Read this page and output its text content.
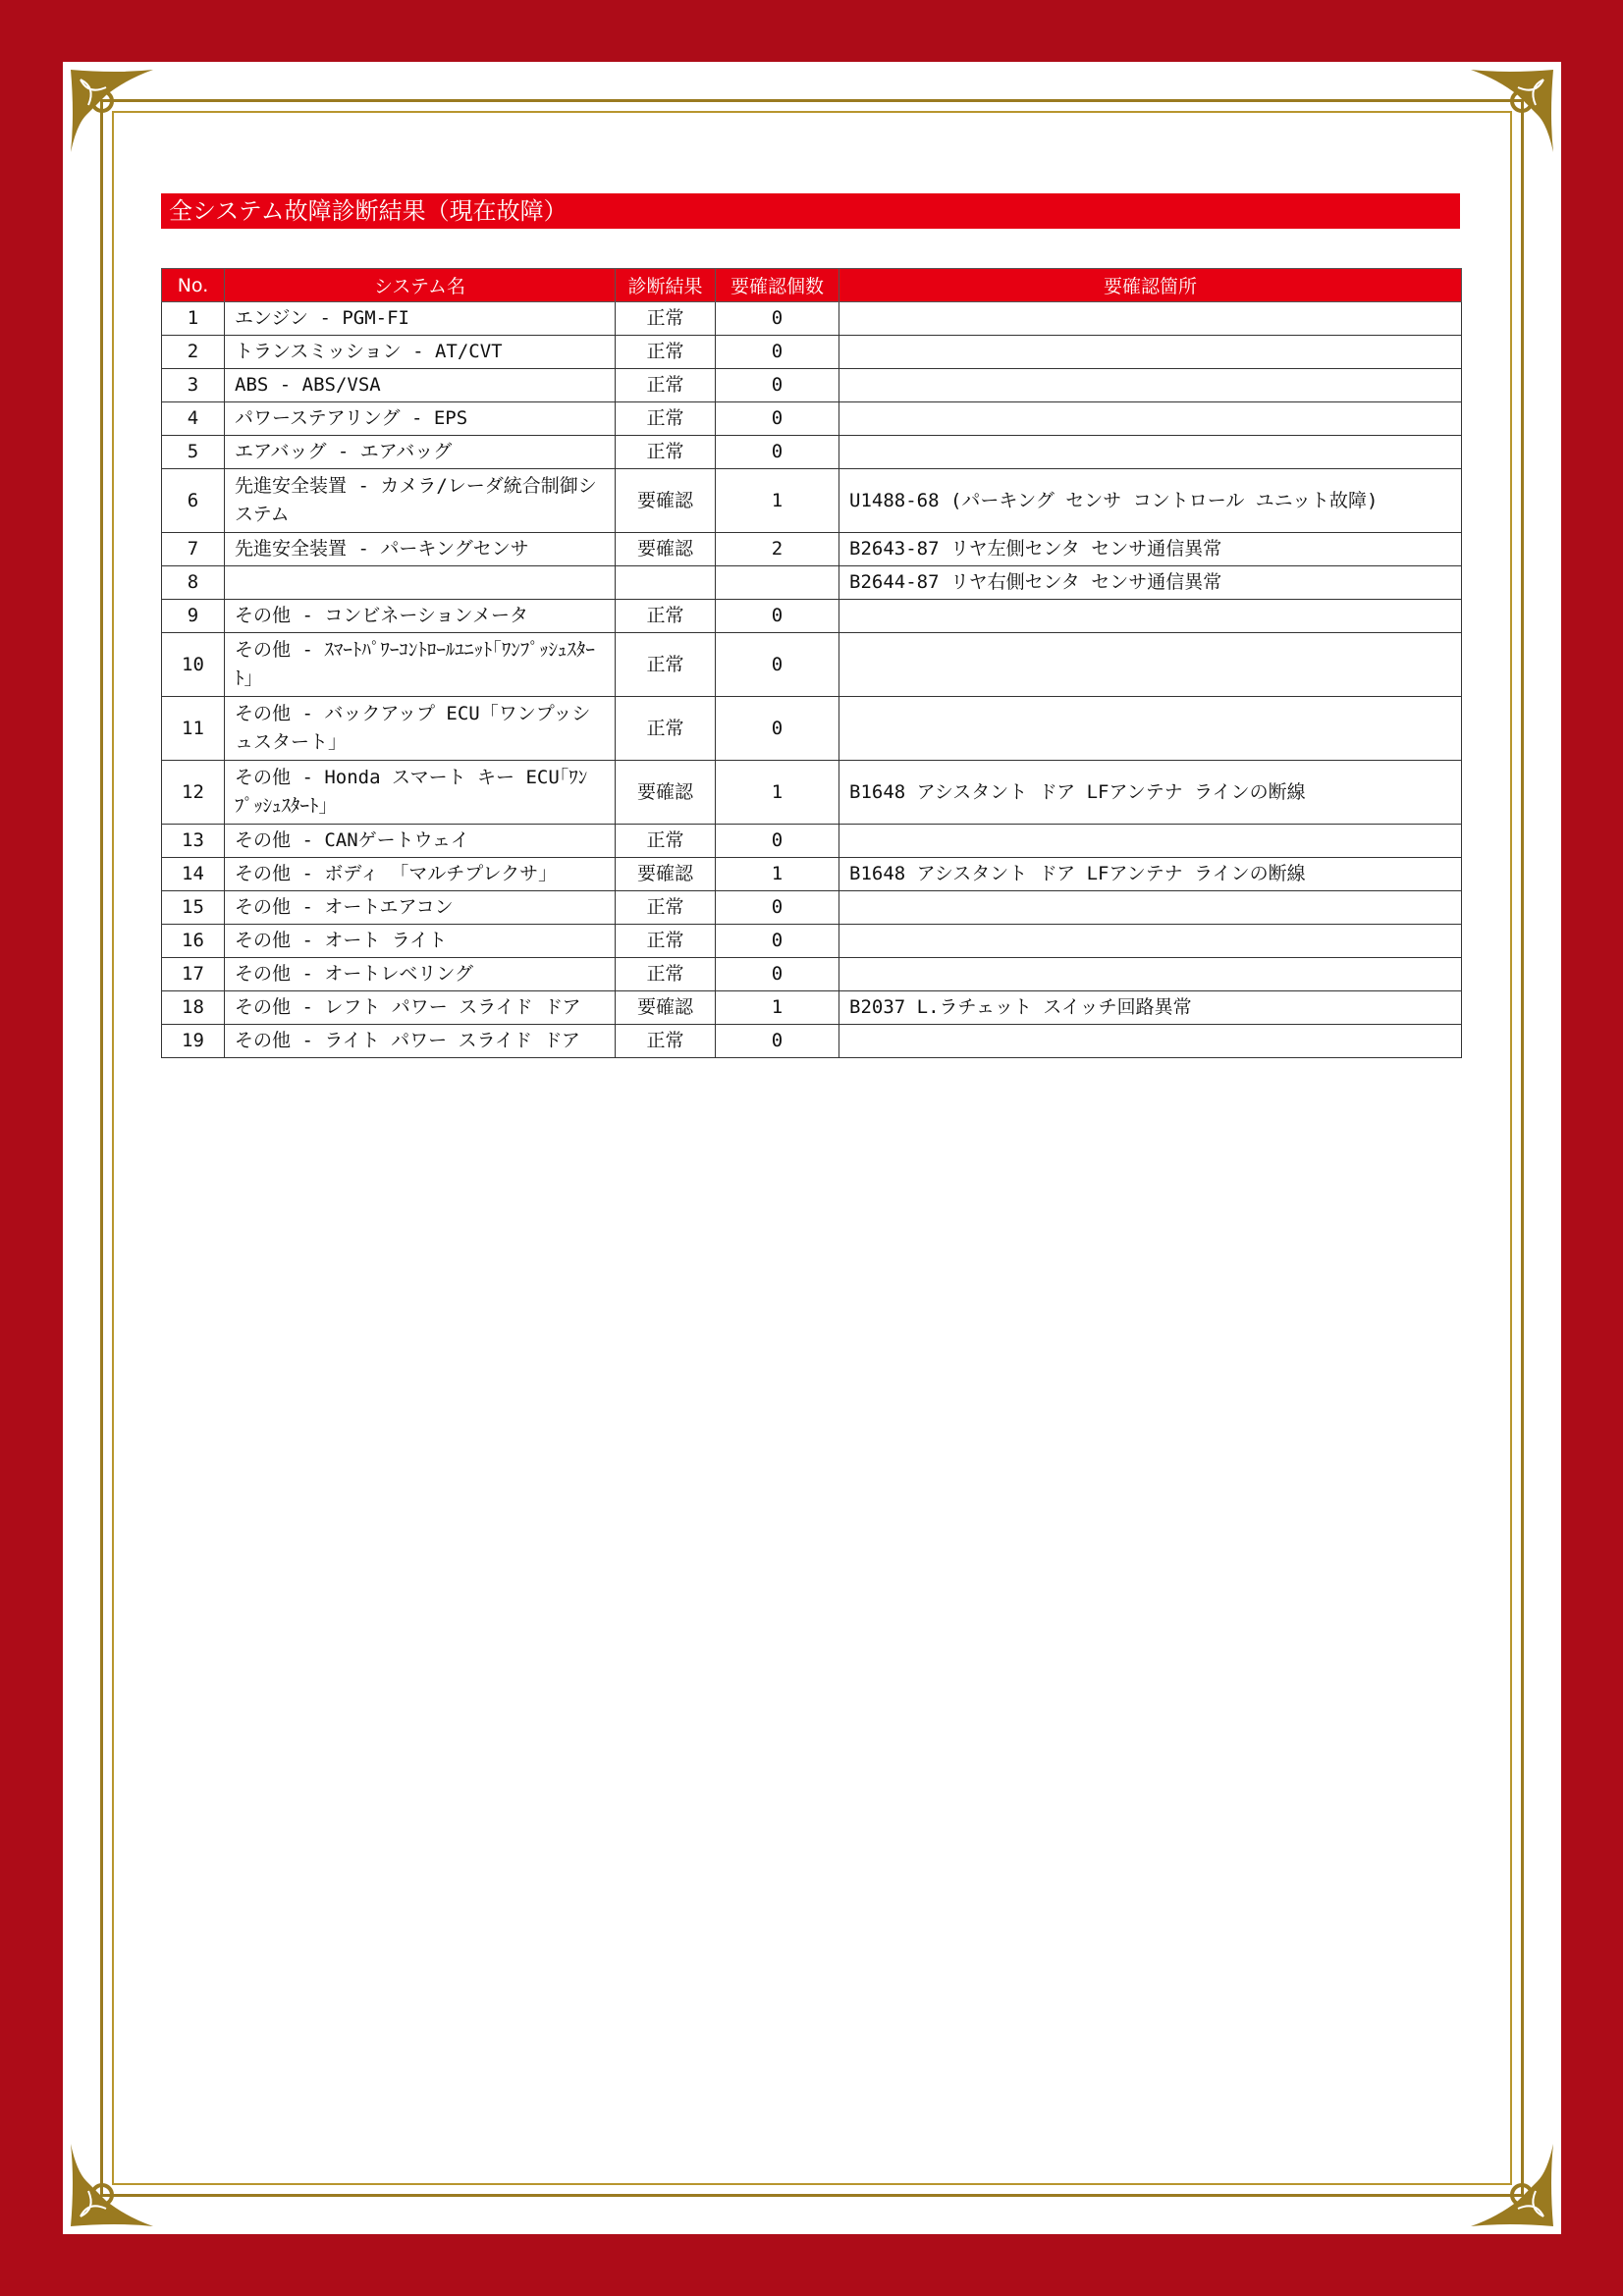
全システム故障診断結果（現在故障）
No.	システム名	診断結果	要確認個数	要確認箇所
1	エンジン - PGM-FI	正常	0	
2	トランスミッション - AT/CVT	正常	0	
3	ABS - ABS/VSA	正常	0	
4	パワーステアリング - EPS	正常	0	
5	エアバッグ - エアバッグ	正常	0	
6	先進安全装置 - カメラ/レーダ統合制御システム	要確認	1	U1488-68 (パーキング センサ コントロール ユニット故障)
7	先進安全装置 - パーキングセンサ	要確認	2	B2643-87 リヤ左側センタ センサ通信異常
8				B2644-87 リヤ右側センタ センサ通信異常
9	その他 - コンビネーションメータ	正常	0	
10	その他 - ｽﾏｰﾄﾊﾟﾜｰｺﾝﾄﾛｰﾙﾕﾆｯﾄ｢ﾜﾝﾌﾟｯｼｭｽﾀｰﾄ｣	正常	0	
11	その他 - バックアップ ECU「ワンプッシュスタート」	正常	0	
12	その他 - Honda スマート キー ECU｢ﾜﾝﾌﾟｯｼｭｽﾀｰﾄ｣	要確認	1	B1648 アシスタント ドア LFアンテナ ラインの断線
13	その他 - CANゲートウェイ	正常	0	
14	その他 - ボディ 「マルチプレクサ」	要確認	1	B1648 アシスタント ドア LFアンテナ ラインの断線
15	その他 - オートエアコン	正常	0	
16	その他 - オート ライト	正常	0	
17	その他 - オートレベリング	正常	0	
18	その他 - レフト パワー スライド ドア	要確認	1	B2037 L.ラチェット スイッチ回路異常
19	その他 - ライト パワー スライド ドア	正常	0	
